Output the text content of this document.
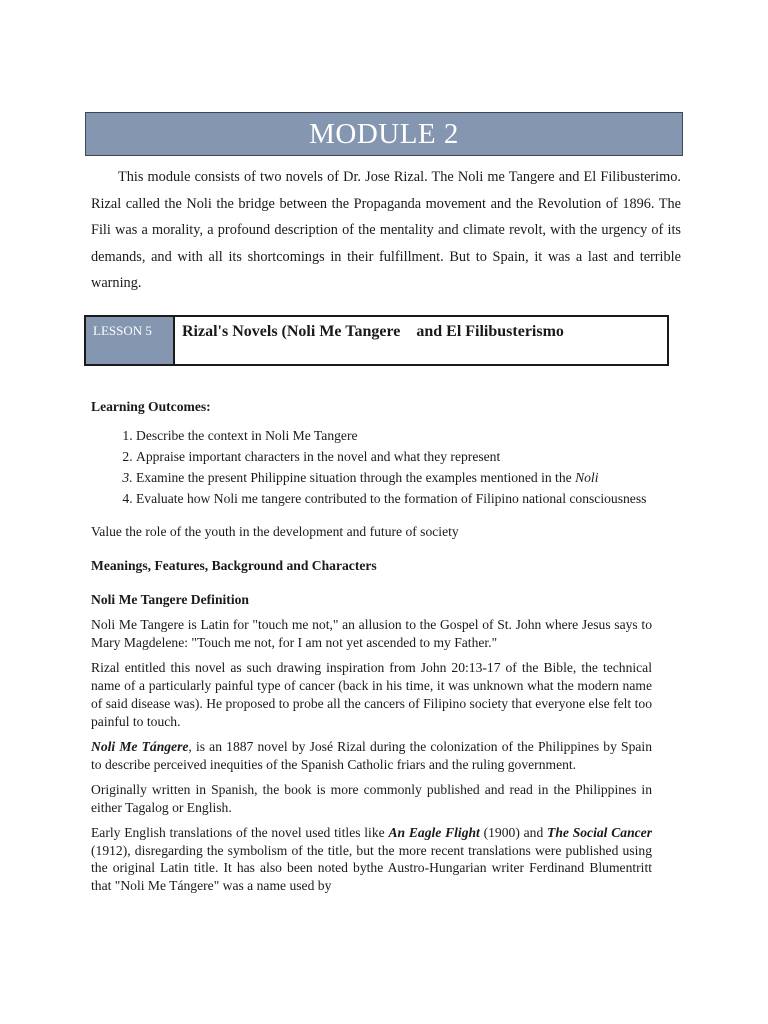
MODULE 2

This module consists of two novels of Dr. Jose Rizal. The Noli me Tangere and El Filibusterimo. Rizal called the Noli the bridge between the Propaganda movement and the Revolution of 1896. The Fili was a morality, a profound description of the mentality and climate revolt, with the urgency of its demands, and with all its shortcomings in their fulfillment. But to Spain, it was a last and terrible warning.

LESSON 5	Rizal's Novels (Noli Me Tangere    and El Filibusterismo

Learning Outcomes:

1. Describe the context in Noli Me Tangere
2. Appraise important characters in the novel and what they represent
3. Examine the present Philippine situation through the examples mentioned in the Noli
4. Evaluate how Noli me tangere contributed to the formation of Filipino national consciousness

Value the role of the youth in the development and future of society

Meanings, Features, Background and Characters

Noli Me Tangere Definition

Noli Me Tangere is Latin for "touch me not," an allusion to the Gospel of St. John where Jesus says to Mary Magdelene: "Touch me not, for I am not yet ascended to my Father."

Rizal entitled this novel as such drawing inspiration from John 20:13-17 of the Bible, the technical name of a particularly painful type of cancer (back in his time, it was unknown what the modern name of said disease was). He proposed to probe all the cancers of Filipino society that everyone else felt too painful to touch.

Noli Me Tángere, is an 1887 novel by José Rizal during the colonization of the Philippines by Spain to describe perceived inequities of the Spanish Catholic friars and the ruling government.

Originally written in Spanish, the book is more commonly published and read in the Philippines in either Tagalog or English.

Early English translations of the novel used titles like An Eagle Flight (1900) and The Social Cancer (1912), disregarding the symbolism of the title, but the more recent translations were published using the original Latin title. It has also been noted bythe Austro-Hungarian writer Ferdinand Blumentritt that "Noli Me Tángere" was a name used by
